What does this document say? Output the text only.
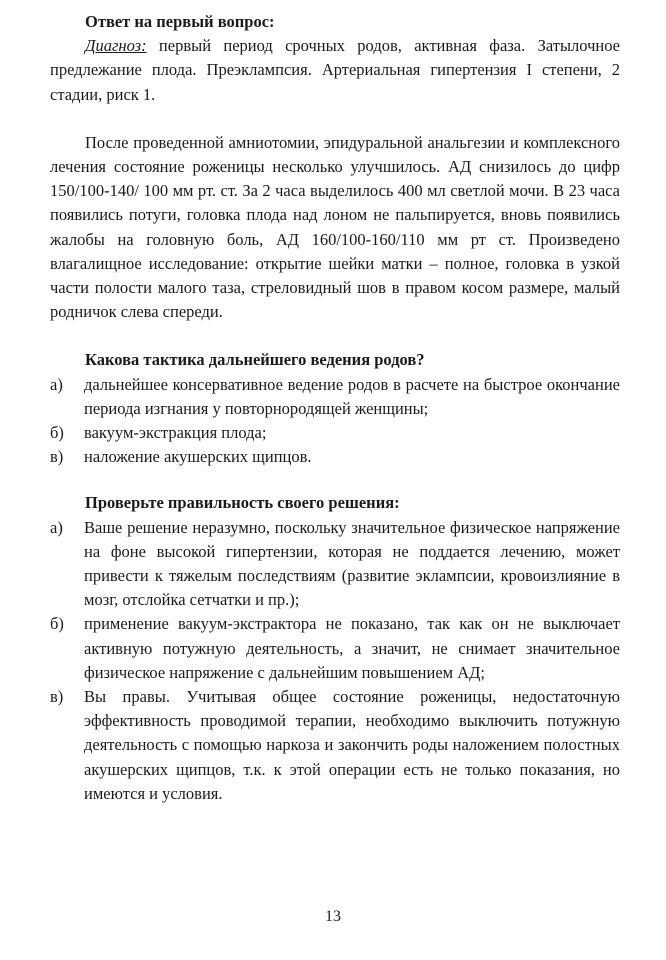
Ответ на первый вопрос:

Диагноз: первый период срочных родов, активная фаза. Затылочное предлежание плода. Преэклампсия. Артериальная гипертензия I степени, 2 стадии, риск 1.

После проведенной амниотомии, эпидуральной анальгезии и комплексного лечения состояние роженицы несколько улучшилось. АД снизилось до цифр 150/100-140/ 100 мм рт. ст. За 2 часа выделилось 400 мл светлой мочи. В 23 часа появились потуги, головка плода над лоном не пальпируется, вновь появились жалобы на головную боль, АД 160/100-160/110 мм рт ст. Произведено влагалищное исследование: открытие шейки матки – полное, головка в узкой части полости малого таза, стреловидный шов в правом косом размере, малый родничок слева спереди.

Какова тактика дальнейшего ведения родов?

а)	дальнейшее консервативное ведение родов в расчете на быстрое окончание периода изгнания у повторнородящей женщины;
б)	вакуум-экстракция плода;
в)	наложение акушерских щипцов.

Проверьте правильность своего решения:

а)	Ваше решение неразумно, поскольку значительное физическое напряжение на фоне высокой гипертензии, которая не поддается лечению, может привести к тяжелым последствиям (развитие эклампсии, кровоизлияние в мозг, отслойка сетчатки и пр.);
б)	применение вакуум-экстрактора не показано, так как он не выключает активную потужную деятельность, а значит, не снимает значительное физическое напряжение с дальнейшим повышением АД;
в)	Вы правы. Учитывая общее состояние роженицы, недостаточную эффективность проводимой терапии, необходимо выключить потужную деятельность с помощью наркоза и закончить роды наложением полостных акушерских щипцов, т.к. к этой операции есть не только показания, но имеются и условия.
13
